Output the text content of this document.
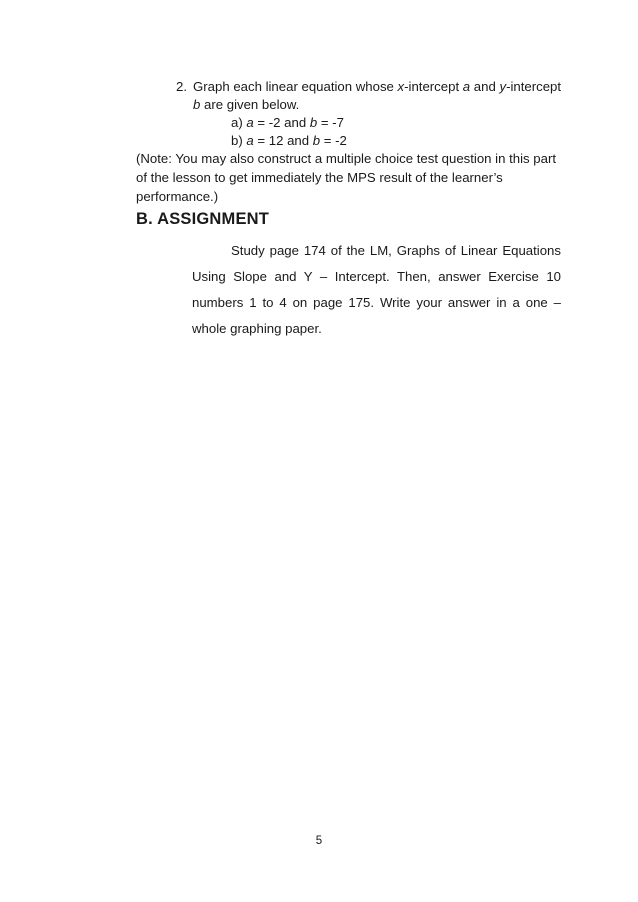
2. Graph each linear equation whose x-intercept a and y-intercept b are given below.
a) a = -2 and b = -7
b) a = 12 and b = -2
(Note: You may also construct a multiple choice test question in this part of the lesson to get immediately the MPS result of the learner’s performance.)
B. ASSIGNMENT
Study page 174 of the LM, Graphs of Linear Equations Using Slope and Y – Intercept. Then, answer Exercise 10 numbers 1 to 4 on page 175. Write your answer in a one – whole graphing paper.
5
